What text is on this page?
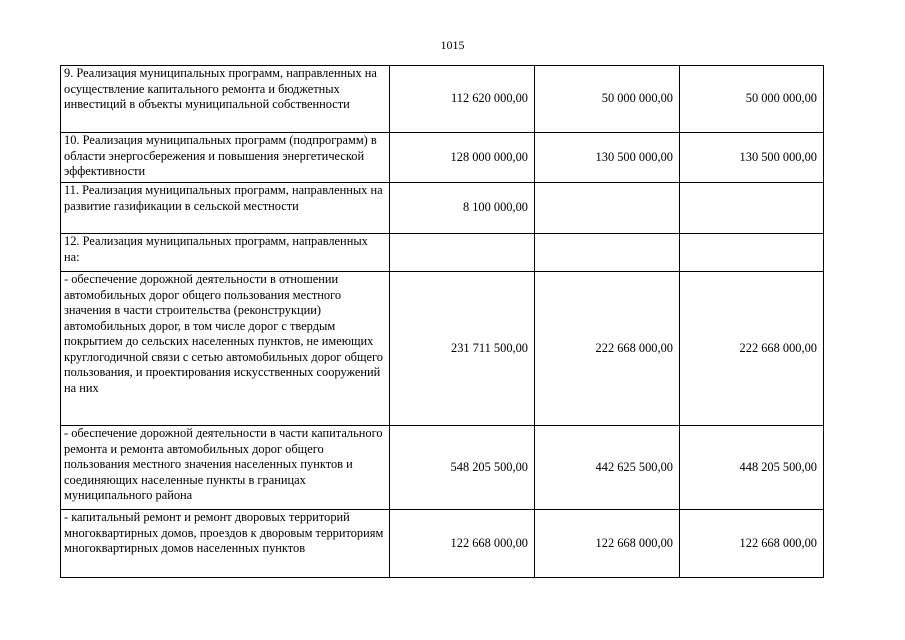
1015
9. Реализация муниципальных программ, направленных на осуществление капитального ремонта и бюджетных инвестиций в объекты муниципальной собственности	112 620 000,00	50 000 000,00	50 000 000,00
10. Реализация муниципальных программ (подпрограмм) в области энергосбережения и повышения энергетической эффективности	128 000 000,00	130 500 000,00	130 500 000,00
11. Реализация муниципальных программ, направленных на развитие газификации в сельской местности	8 100 000,00		
12. Реализация муниципальных программ, направленных на:			
- обеспечение дорожной деятельности в отношении автомобильных дорог общего пользования местного значения в части строительства (реконструкции) автомобильных дорог, в том числе дорог с твердым покрытием до сельских населенных пунктов, не имеющих круглогодичной связи с сетью автомобильных дорог общего пользования, и проектирования искусственных сооружений на них	231 711 500,00	222 668 000,00	222 668 000,00
- обеспечение дорожной деятельности в части капитального ремонта и ремонта автомобильных дорог общего пользования местного значения населенных пунктов и соединяющих населенные пункты в границах муниципального района	548 205 500,00	442 625 500,00	448 205 500,00
- капитальный ремонт и ремонт дворовых территорий многоквартирных домов, проездов к дворовым территориям многоквартирных домов населенных пунктов	122 668 000,00	122 668 000,00	122 668 000,00
